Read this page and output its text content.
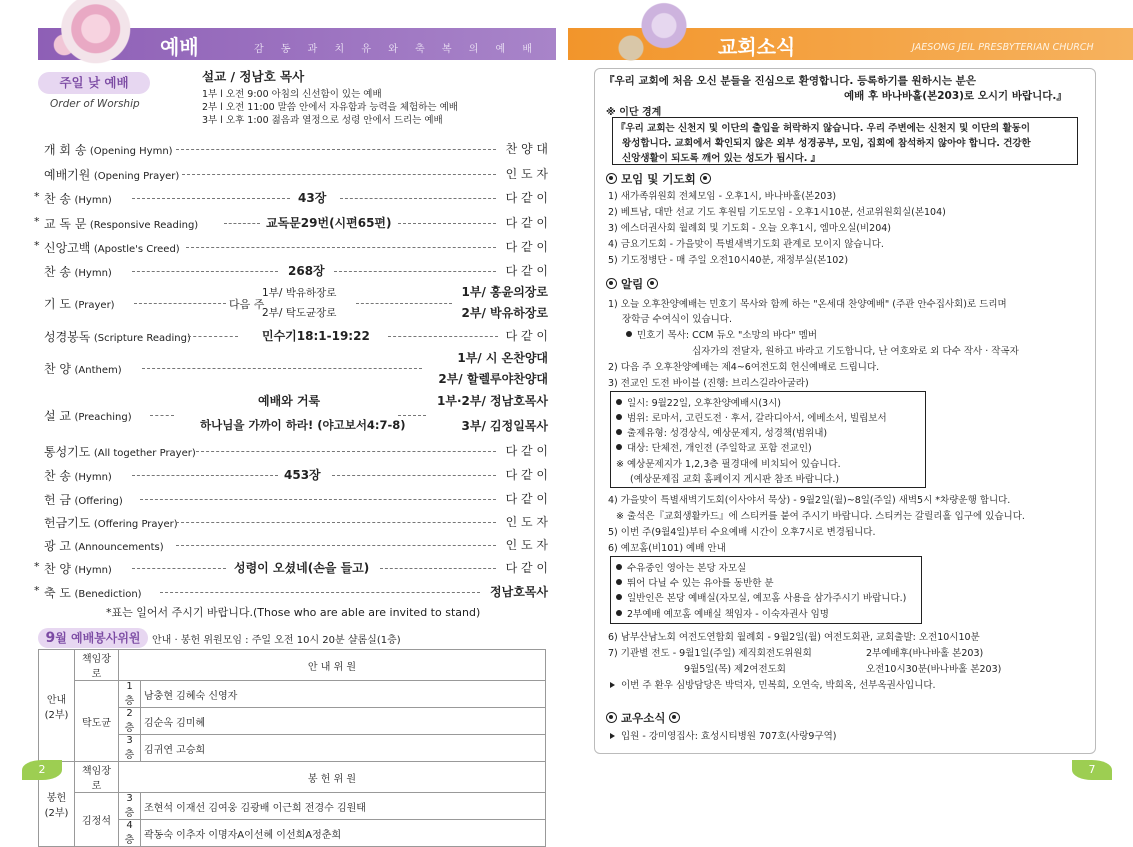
예배	감 동 과 치 유 와 축 복 의 예 배	교회소식	JAESONG JEIL PRESBYTERIAN CHURCH
주일 낮 예배
Order of Worship
설교 / 정남호 목사
1부 l 오전 9:00 아침의 신선함이 있는 예배
2부 l 오전 11:00 말씀 안에서 자유함과 능력을 체험하는 예배
3부 l 오후 1:00 젊음과 열정으로 성령 안에서 드리는 예배
개 회 송 (Opening Hymn)	찬 양 대
예배기원 (Opening Prayer)	인 도 자
* 찬 송 (Hymn)	43장	다 같 이
* 교 독 문 (Responsive Reading)	교독문29번(시편65편)	다 같 이
* 신앙고백 (Apostle's Creed)	다 같 이
찬 송 (Hymn)	268장	다 같 이
기 도 (Prayer)	다음 주
1부/ 박유하장로
2부/ 탁도균장로
1부/ 홍윤의장로
2부/ 박유하장로
성경봉독 (Scripture Reading)	민수기18:1-19:22	다 같 이
찬 양 (Anthem)
1부/ 시 온찬양대
2부/ 할렐루야찬양대
설 교 (Preaching)
예배와 거룩
하나님을 가까이 하라! (야고보서4:7-8)
1부·2부/ 정남호목사
3부/ 김정일목사
통성기도 (All together Prayer)	다 같 이
찬 송 (Hymn)	453장	다 같 이
헌 금 (Offering)	다 같 이
헌금기도 (Offering Prayer)	인 도 자
광 고 (Announcements)	인 도 자
* 찬 양 (Hymn)	성령이 오셨네(손을 들고)	다 같 이
* 축 도 (Benediction)	정남호목사
*표는 일어서 주시기 바랍니다.(Those who are able are invited to stand)
9월 예배봉사위원	안내 · 봉헌 위원모임 : 주일 오전 10시 20분 샬롬실(1층)
안내
(2부)	책임장로	안 내 위 원	
	탁도균	1층	남충현 김혜숙 신영자
		2층	김순옥 김미혜
		3층	김귀연 고승희
봉헌
(2부)	책임장로	봉 헌 위 원	
	김정석	3층	조현석 이재선 김여웅 김광배 이근희 전경수 김원태
		4층	곽동숙 이추자 이명자A이선혜 이선희A정춘희
2	7
『우리 교회에 처음 오신 분들을 진심으로 환영합니다. 등록하기를 원하시는 분은
예배 후 바나바홀(본203)로 오시기 바랍니다.』
※ 이단 경계
『우리 교회는 신천지 및 이단의 출입을 허락하지 않습니다. 우리 주변에는 신천지 및 이단의 활동이
왕성합니다. 교회에서 확인되지 않은 외부 성경공부, 모임, 집회에 참석하지 않아야 합니다. 건강한
신앙생활이 되도록 깨어 있는 성도가 됩시다. 』
모임 및 기도회
1) 새가족위원회 전체모임 - 오후1시, 바나바홀(본203)
2) 베트남, 대만 선교 기도 후원팀 기도모임 - 오후1시10분, 선교위원회실(본104)
3) 에스더권사회 월례회 및 기도회 - 오늘 오후1시, 엠마오실(비204)
4) 금요기도회 - 가을맞이 특별새벽기도회 관계로 모이지 않습니다.
5) 기도정병단 - 매 주일 오전10시40분, 재정부실(본102)
알림
1) 오늘 오후찬양예배는 민호기 목사와 함께 하는 "온세대 찬양예배" (주관 안수집사회)로 드리며
장학금 수여식이 있습니다.
민호기 목사: CCM 듀오 "소망의 바다" 멤버
십자가의 전달자, 원하고 바라고 기도합니다, 난 여호와로 외 다수 작사 · 작곡자
2) 다음 주 오후찬양예배는 제4~6여전도회 헌신예배로 드립니다.
3) 전교인 도전 바이블 (진행: 브리스길라아굴라)
일시: 9월22일, 오후찬양예배시(3시)
범위: 로마서, 고린도전 · 후서, 갈라디아서, 에베소서, 빌립보서
출제유형: 성경상식, 예상문제지, 성경책(범위내)
대상: 단체전, 개인전 (주일학교 포함 전교인)
※ 예상문제지가 1,2,3층 필경대에 비치되어 있습니다.
(예상문제집 교회 홈페이지 게시판 참조 바랍니다.)
4) 가을맞이 특별새벽기도회(이사야서 묵상) - 9월2일(월)~8일(주일) 새벽5시 *차량운행 합니다.
※ 출석은『교회생활카드』에 스티커를 붙여 주시기 바랍니다. 스티커는 갈릴리홀 입구에 있습니다.
5) 이번 주(9월4일)부터 수요예배 시간이 오후7시로 변경됩니다.
6) 예꼬홈(비101) 예배 안내
수유중인 영아는 본당 자모실
뛰어 다닐 수 있는 유아를 동반한 분
일반인은 본당 예배실(자모실, 예꼬홈 사용을 삼가주시기 바랍니다.)
2부예배 예꼬홈 예배실 책임자 - 이숙자권사 임명
6) 남부산남노회 여전도연합회 월례회 - 9월2일(월) 여전도회관, 교회출발: 오전10시10분
7) 기관별 전도 - 9월1일(주일) 제직회전도위원회	2부예배후(바나바홀 본203)
9월5일(목) 제2여전도회	오전10시30분(바나바홀 본203)
이번 주 환우 심방담당은 박덕자, 민복희, 오연숙, 박희옥, 선부옥권사입니다.
교우소식
입원 - 강미영집사: 효성시티병원 707호(사랑9구역)
